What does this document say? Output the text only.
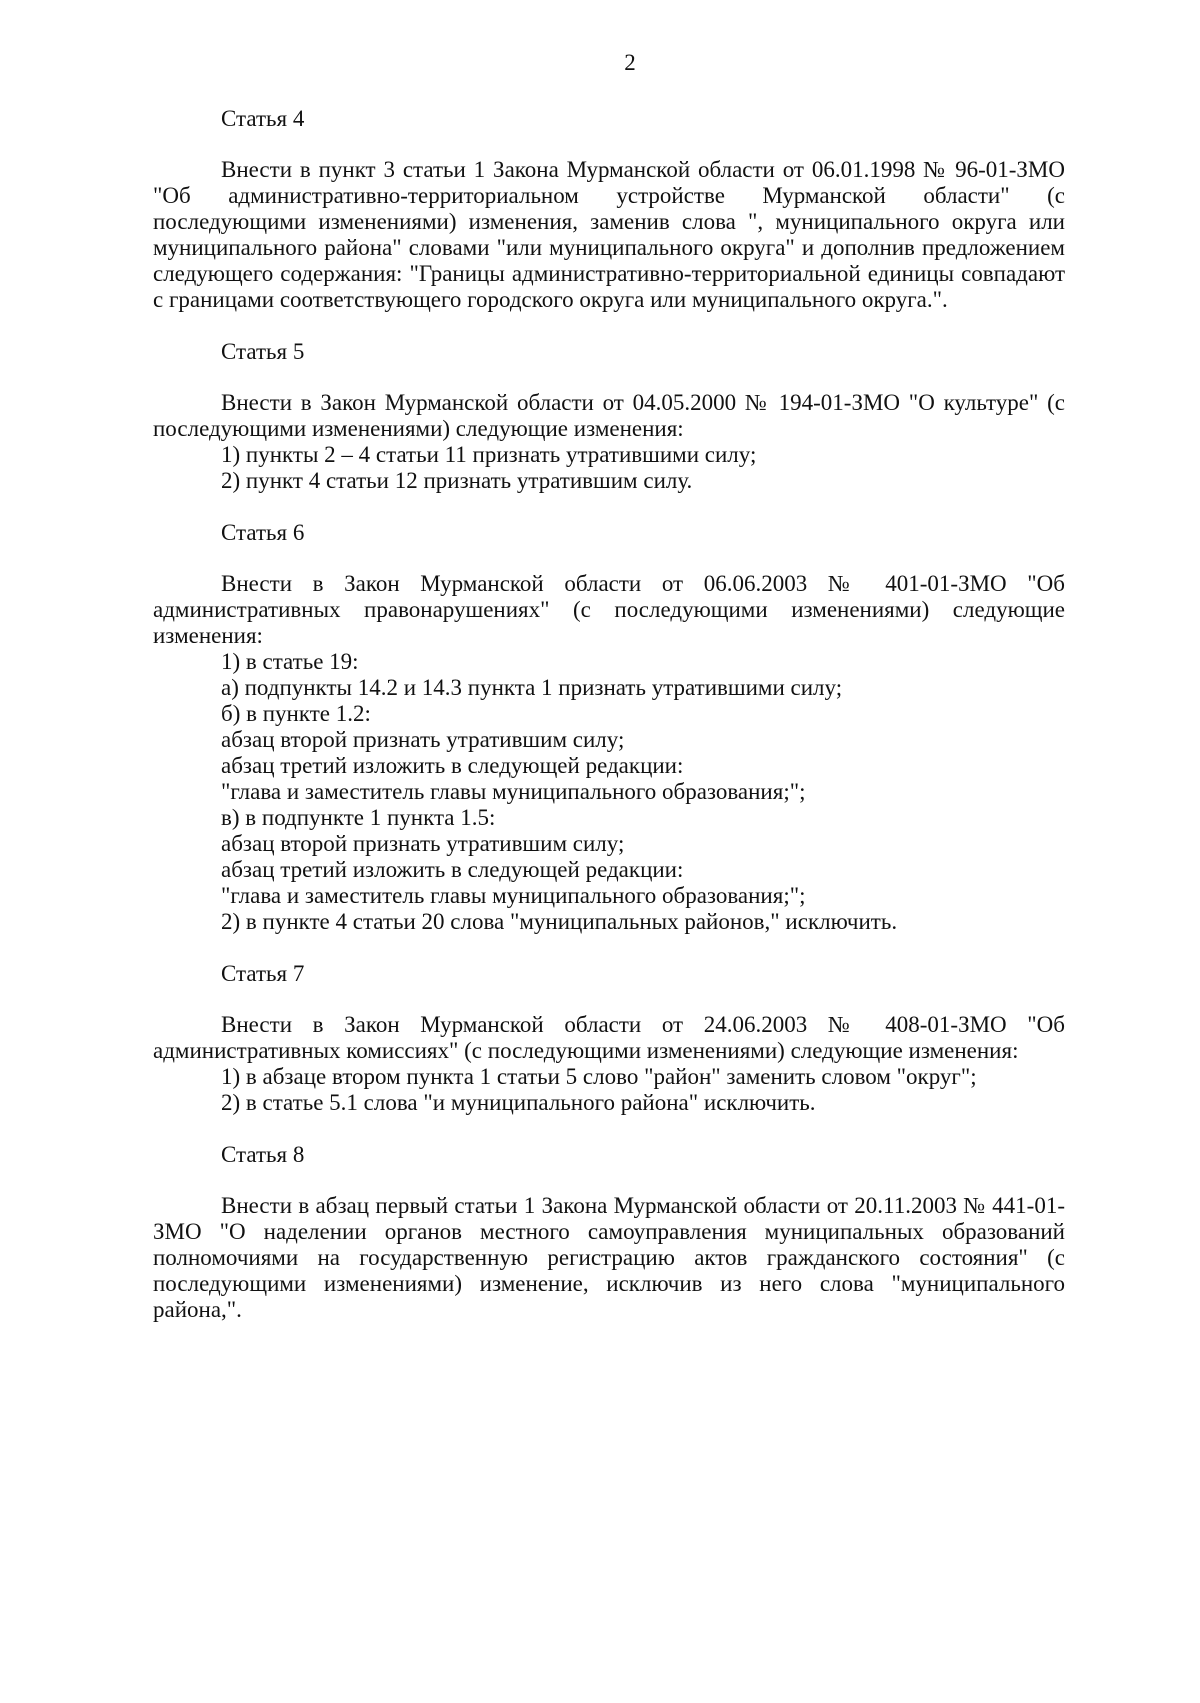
2

Статья 4

Внести в пункт 3 статьи 1 Закона Мурманской области от 06.01.1998 № 96-01-ЗМО "Об административно-территориальном устройстве Мурманской области" (с последующими изменениями) изменения, заменив слова ", муниципального округа или муниципального района" словами "или муниципального округа" и дополнив предложением следующего содержания: "Границы административно-территориальной единицы совпадают с границами соответствующего городского округа или муниципального округа.".

Статья 5

Внести в Закон Мурманской области от 04.05.2000 № 194-01-ЗМО "О культуре" (с последующими изменениями) следующие изменения:

1) пункты 2 – 4 статьи 11 признать утратившими силу;

2) пункт 4 статьи 12 признать утратившим силу.

Статья 6

Внести в Закон Мурманской области от 06.06.2003 № 401-01-ЗМО "Об административных правонарушениях" (с последующими изменениями) следующие изменения:

1) в статье 19:

а) подпункты 14.2 и 14.3 пункта 1 признать утратившими силу;

б) в пункте 1.2:

абзац второй признать утратившим силу;

абзац третий изложить в следующей редакции:

"глава и заместитель главы муниципального образования;";

в) в подпункте 1 пункта 1.5:

абзац второй признать утратившим силу;

абзац третий изложить в следующей редакции:

"глава и заместитель главы муниципального образования;";

2) в пункте 4 статьи 20 слова "муниципальных районов," исключить.

Статья 7

Внести в Закон Мурманской области от 24.06.2003 № 408-01-ЗМО "Об административных комиссиях" (с последующими изменениями) следующие изменения:

1) в абзаце втором пункта 1 статьи 5 слово "район" заменить словом "округ";

2) в статье 5.1 слова "и муниципального района" исключить.

Статья 8

Внести в абзац первый статьи 1 Закона Мурманской области от 20.11.2003 № 441-01-ЗМО "О наделении органов местного самоуправления муниципальных образований полномочиями на государственную регистрацию актов гражданского состояния" (с последующими изменениями) изменение, исключив из него слова "муниципального района,".
